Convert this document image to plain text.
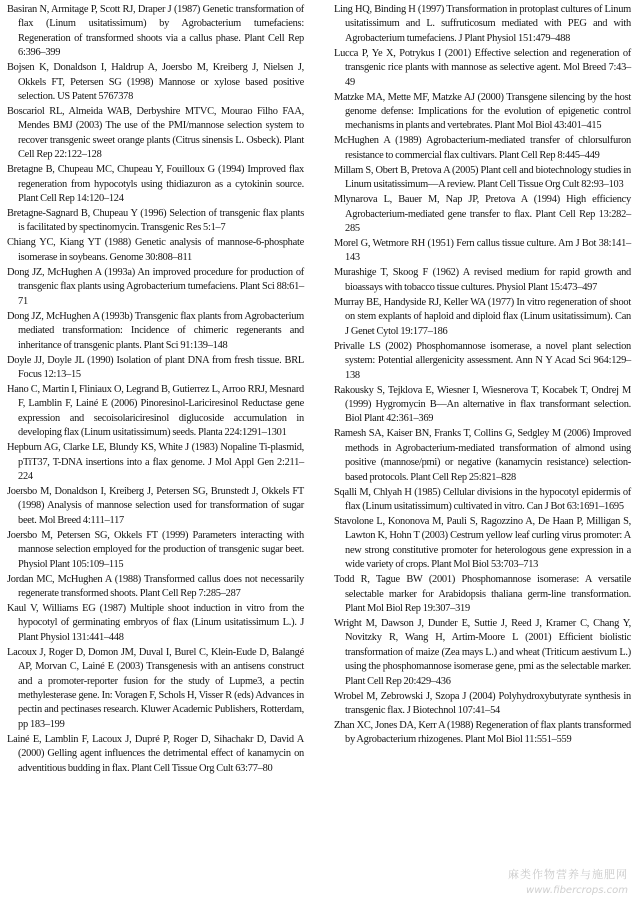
Basiran N, Armitage P, Scott RJ, Draper J (1987) Genetic transformation of flax (Linum usitatissimum) by Agrobacterium tumefaciens: Regeneration of transformed shoots via a callus phase. Plant Cell Rep 6:396–399

Bojsen K, Donaldson I, Haldrup A, Joersbo M, Kreiberg J, Nielsen J, Okkels FT, Petersen SG (1998) Mannose or xylose based positive selection. US Patent 5767378

Boscariol RL, Almeida WAB, Derbyshire MTVC, Mourao Filho FAA, Mendes BMJ (2003) The use of the PMI/mannose selection system to recover transgenic sweet orange plants (Citrus sinensis L. Osbeck). Plant Cell Rep 22:122–128

Bretagne B, Chupeau MC, Chupeau Y, Fouilloux G (1994) Improved flax regeneration from hypocotyls using thidiazuron as a cytokinin source. Plant Cell Rep 14:120–124

Bretagne-Sagnard B, Chupeau Y (1996) Selection of transgenic flax plants is facilitated by spectinomycin. Transgenic Res 5:1–7

Chiang YC, Kiang YT (1988) Genetic analysis of mannose-6-phosphate isomerase in soybeans. Genome 30:808–811

Dong JZ, McHughen A (1993a) An improved procedure for production of transgenic flax plants using Agrobacterium tumefaciens. Plant Sci 88:61–71

Dong JZ, McHughen A (1993b) Transgenic flax plants from Agrobacterium mediated transformation: Incidence of chimeric regenerants and inheritance of transgenic plants. Plant Sci 91:139–148

Doyle JJ, Doyle JL (1990) Isolation of plant DNA from fresh tissue. BRL Focus 12:13–15

Hano C, Martin I, Fliniaux O, Legrand B, Gutierrez L, Arroo RRJ, Mesnard F, Lamblin F, Lainé E (2006) Pinoresinol-Lariciresinol Reductase gene expression and secoisolariciresinol diglucoside accumulation in developing flax (Linum usitatissimum) seeds. Planta 224:1291–1301

Hepburn AG, Clarke LE, Blundy KS, White J (1983) Nopaline Ti-plasmid, pTiT37, T-DNA insertions into a flax genome. J Mol Appl Gen 2:211–224

Joersbo M, Donaldson I, Kreiberg J, Petersen SG, Brunstedt J, Okkels FT (1998) Analysis of mannose selection used for transformation of sugar beet. Mol Breed 4:111–117

Joersbo M, Petersen SG, Okkels FT (1999) Parameters interacting with mannose selection employed for the production of transgenic sugar beet. Physiol Plant 105:109–115

Jordan MC, McHughen A (1988) Transformed callus does not necessarily regenerate transformed shoots. Plant Cell Rep 7:285–287

Kaul V, Williams EG (1987) Multiple shoot induction in vitro from the hypocotyl of germinating embryos of flax (Linum usitatissimum L.). J Plant Physiol 131:441–448

Lacoux J, Roger D, Domon JM, Duval I, Burel C, Klein-Eude D, Balangé AP, Morvan C, Lainé E (2003) Transgenesis with an antisens construct and a promoter-reporter fusion for the study of Lupme3, a pectin methylesterase gene. In: Voragen F, Schols H, Visser R (eds) Advances in pectin and pectinases research. Kluwer Academic Publishers, Rotterdam, pp 183–199

Lainé E, Lamblin F, Lacoux J, Dupré P, Roger D, Sihachakr D, David A (2000) Gelling agent influences the detrimental effect of kanamycin on adventitious budding in flax. Plant Cell Tissue Org Cult 63:77–80

Ling HQ, Binding H (1997) Transformation in protoplast cultures of Linum usitatissimum and L. suffruticosum mediated with PEG and with Agrobacterium tumefaciens. J Plant Physiol 151:479–488

Lucca P, Ye X, Potrykus I (2001) Effective selection and regeneration of transgenic rice plants with mannose as selective agent. Mol Breed 7:43–49

Matzke MA, Mette MF, Matzke AJ (2000) Transgene silencing by the host genome defense: Implications for the evolution of epigenetic control mechanisms in plants and vertebrates. Plant Mol Biol 43:401–415

McHughen A (1989) Agrobacterium-mediated transfer of chlorsulfuron resistance to commercial flax cultivars. Plant Cell Rep 8:445–449

Millam S, Obert B, Pretova A (2005) Plant cell and biotechnology studies in Linum usitatissimum—A review. Plant Cell Tissue Org Cult 82:93–103

Mlynarova L, Bauer M, Nap JP, Pretova A (1994) High efficiency Agrobacterium-mediated gene transfer to flax. Plant Cell Rep 13:282–285

Morel G, Wetmore RH (1951) Fern callus tissue culture. Am J Bot 38:141–143

Murashige T, Skoog F (1962) A revised medium for rapid growth and bioassays with tobacco tissue cultures. Physiol Plant 15:473–497

Murray BE, Handyside RJ, Keller WA (1977) In vitro regeneration of shoot on stem explants of haploid and diploid flax (Linum usitatissimum). Can J Genet Cytol 19:177–186

Privalle LS (2002) Phosphomannose isomerase, a novel plant selection system: Potential allergenicity assessment. Ann N Y Acad Sci 964:129–138

Rakousky S, Tejklova E, Wiesner I, Wiesnerova T, Kocabek T, Ondrej M (1999) Hygromycin B—An alternative in flax transformant selection. Biol Plant 42:361–369

Ramesh SA, Kaiser BN, Franks T, Collins G, Sedgley M (2006) Improved methods in Agrobacterium-mediated transformation of almond using positive (mannose/pmi) or negative (kanamycin resistance) selection-based protocols. Plant Cell Rep 25:821–828

Sqalli M, Chlyah H (1985) Cellular divisions in the hypocotyl epidermis of flax (Linum usitatissimum) cultivated in vitro. Can J Bot 63:1691–1695

Stavolone L, Kononova M, Pauli S, Ragozzino A, De Haan P, Milligan S, Lawton K, Hohn T (2003) Cestrum yellow leaf curling virus promoter: A new strong constitutive promoter for heterologous gene expression in a wide variety of crops. Plant Mol Biol 53:703–713

Todd R, Tague BW (2001) Phosphomannose isomerase: A versatile selectable marker for Arabidopsis thaliana germ-line transformation. Plant Mol Biol Rep 19:307–319

Wright M, Dawson J, Dunder E, Suttie J, Reed J, Kramer C, Chang Y, Novitzky R, Wang H, Artim-Moore L (2001) Efficient biolistic transformation of maize (Zea mays L.) and wheat (Triticum aestivum L.) using the phosphomannose isomerase gene, pmi as the selectable marker. Plant Cell Rep 20:429–436

Wrobel M, Zebrowski J, Szopa J (2004) Polyhydroxybutyrate synthesis in transgenic flax. J Biotechnol 107:41–54

Zhan XC, Jones DA, Kerr A (1988) Regeneration of flax plants transformed by Agrobacterium rhizogenes. Plant Mol Biol 11:551–559

麻类作物营养与施肥网
www.fibercrops.com
